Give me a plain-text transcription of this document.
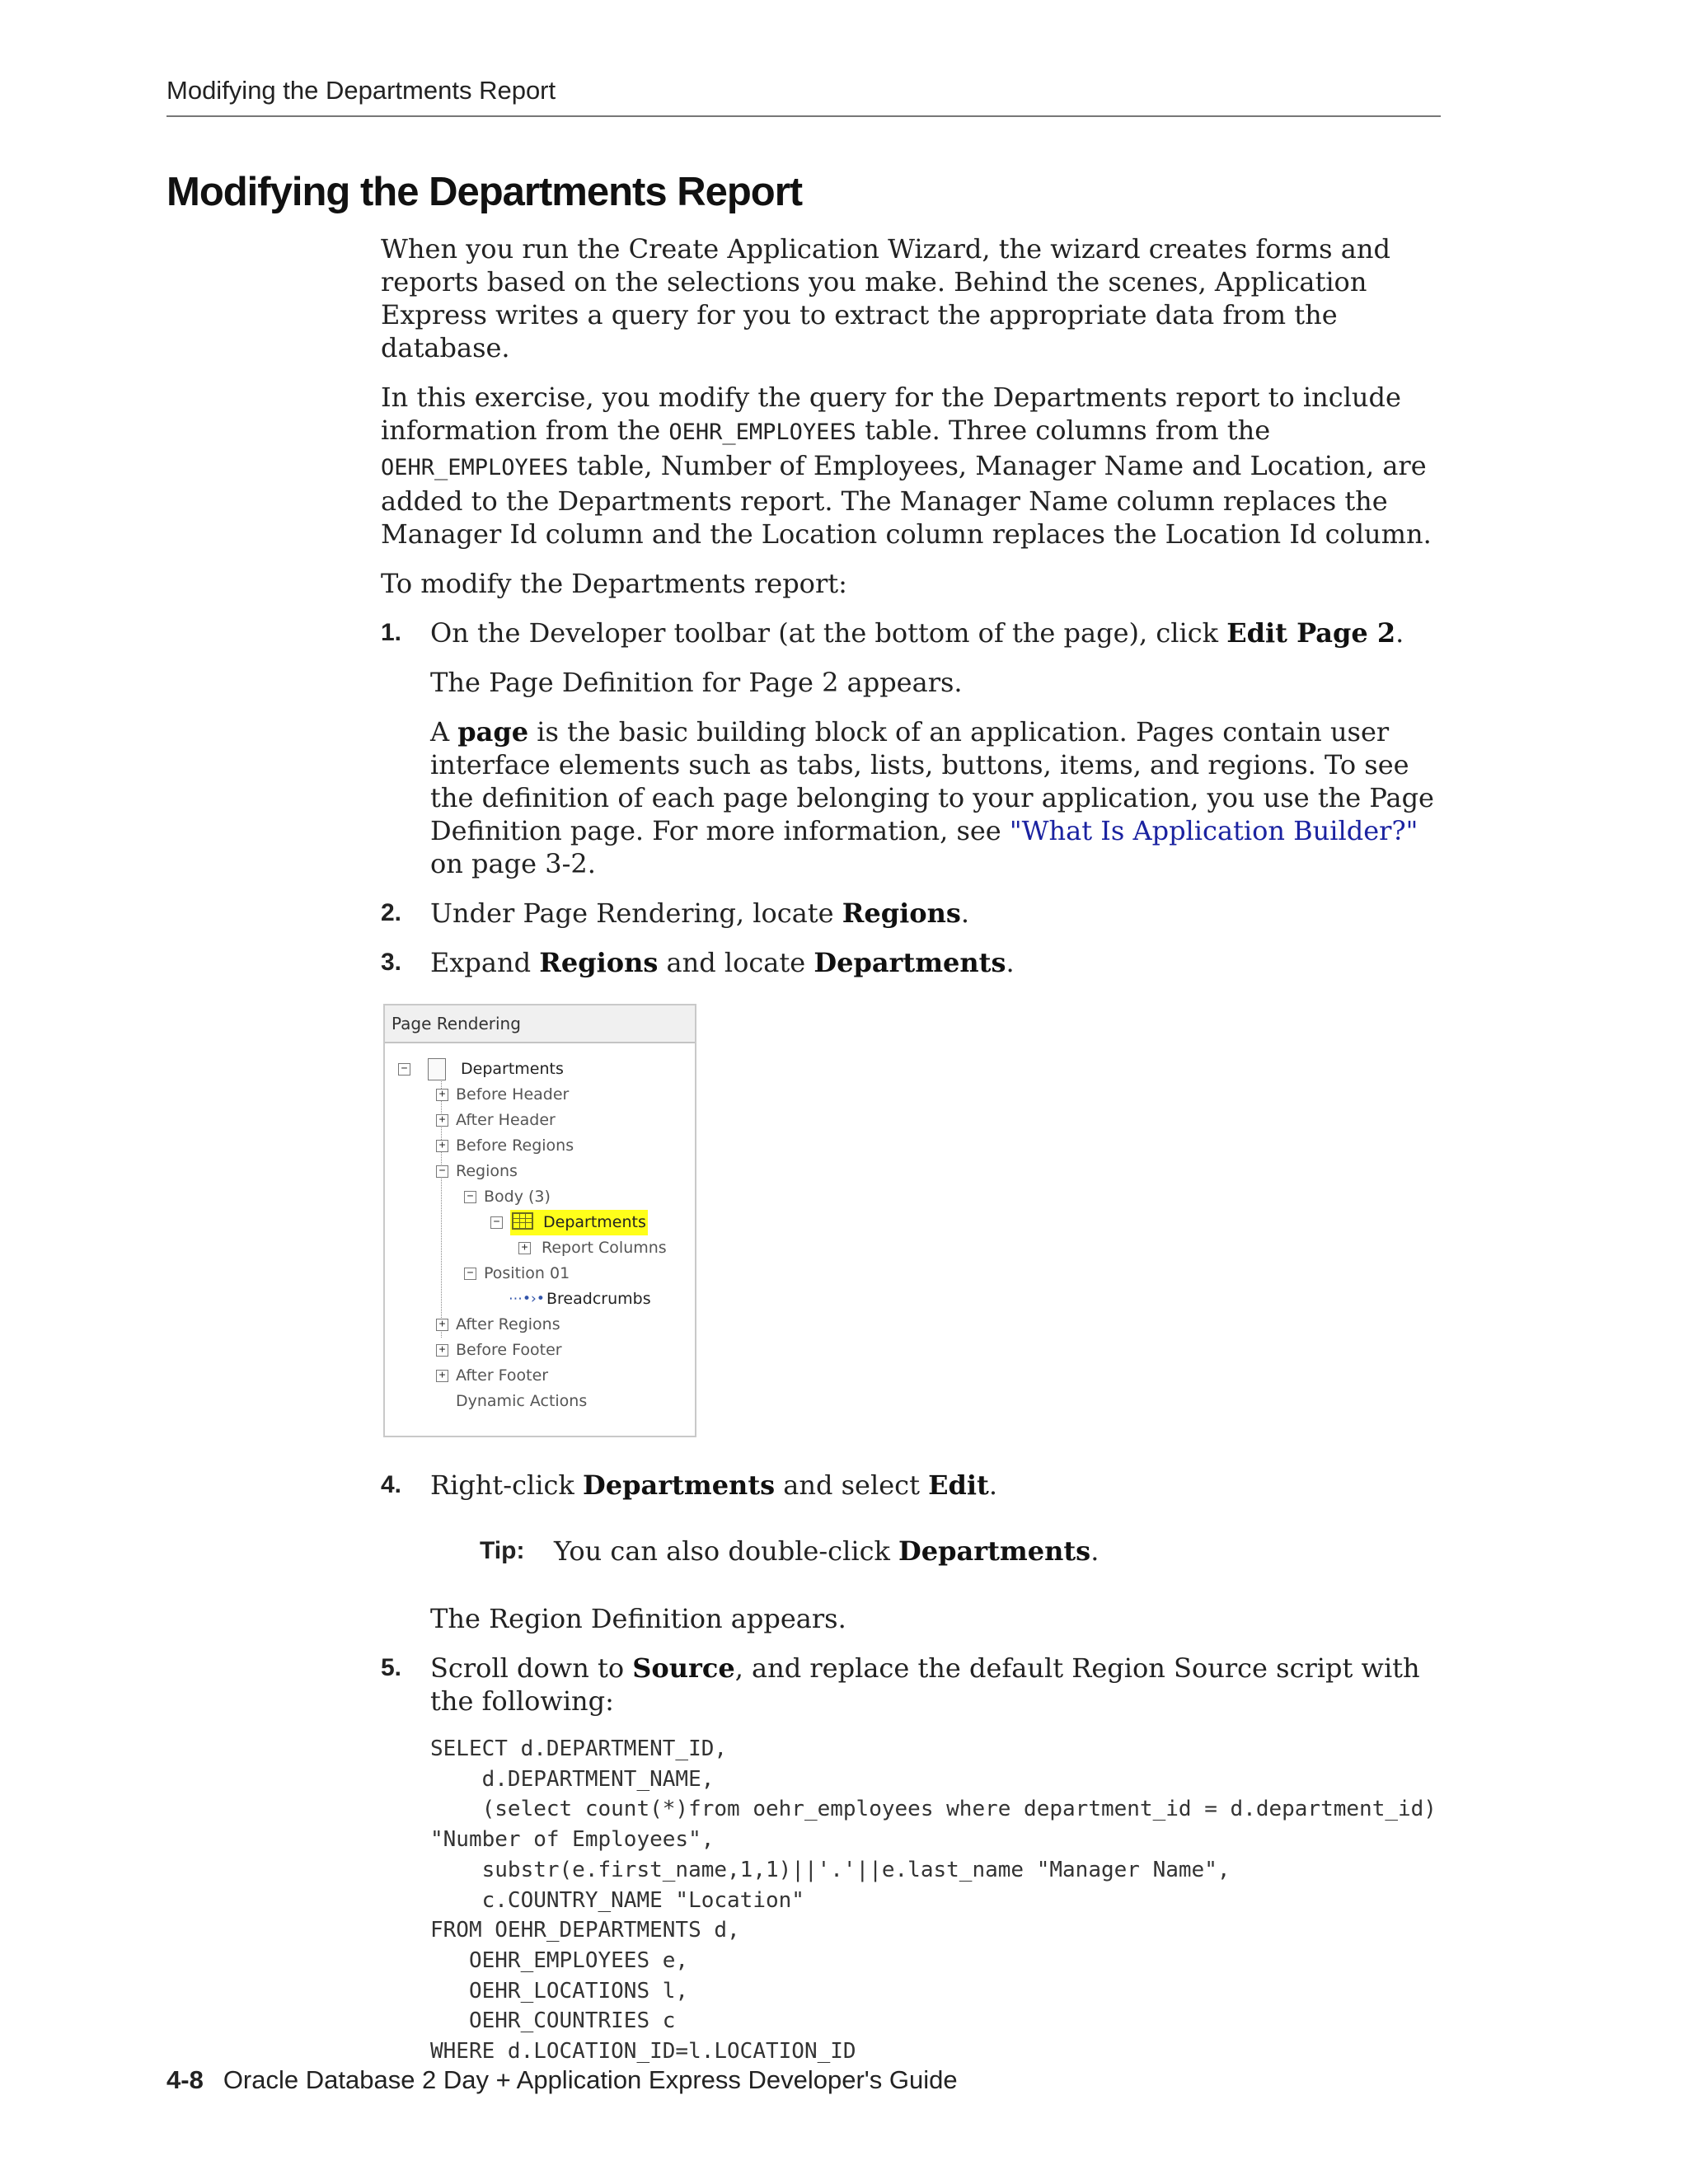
Modifying the Departments Report
Modifying the Departments Report

When you run the Create Application Wizard, the wizard creates forms and reports based on the selections you make. Behind the scenes, Application Express writes a query for you to extract the appropriate data from the database.

In this exercise, you modify the query for the Departments report to include information from the OEHR_EMPLOYEES table. Three columns from the OEHR_EMPLOYEES table, Number of Employees, Manager Name and Location, are added to the Departments report. The Manager Name column replaces the Manager Id column and the Location column replaces the Location Id column.

To modify the Departments report:

1. On the Developer toolbar (at the bottom of the page), click Edit Page 2.

The Page Definition for Page 2 appears.

A page is the basic building block of an application. Pages contain user interface elements such as tabs, lists, buttons, items, and regions. To see the definition of each page belonging to your application, you use the Page Definition page. For more information, see "What Is Application Builder?" on page 3-2.

2. Under Page Rendering, locate Regions.

3. Expand Regions and locate Departments.

Page Rendering
−	Departments
+ Before Header
+ After Header
+ Before Regions
− Regions
− Body (3)
−	Departments
+ Report Columns
− Position 01
⋯•›• Breadcrumbs
+ After Regions
+ Before Footer
+ After Footer
Dynamic Actions
4. Right-click Departments and select Edit.

Tip:	You can also double-click Departments.

The Region Definition appears.

5. Scroll down to Source, and replace the default Region Source script with the following:

SELECT d.DEPARTMENT_ID,
d.DEPARTMENT_NAME,
(select count(*)from oehr_employees where department_id = d.department_id)
"Number of Employees",
substr(e.first_name,1,1)||'.'||e.last_name "Manager Name",
c.COUNTRY_NAME "Location"
FROM OEHR_DEPARTMENTS d,
OEHR_EMPLOYEES e,
OEHR_LOCATIONS l,
OEHR_COUNTRIES c
WHERE d.LOCATION_ID=l.LOCATION_ID
4-8 Oracle Database 2 Day + Application Express Developer's Guide
